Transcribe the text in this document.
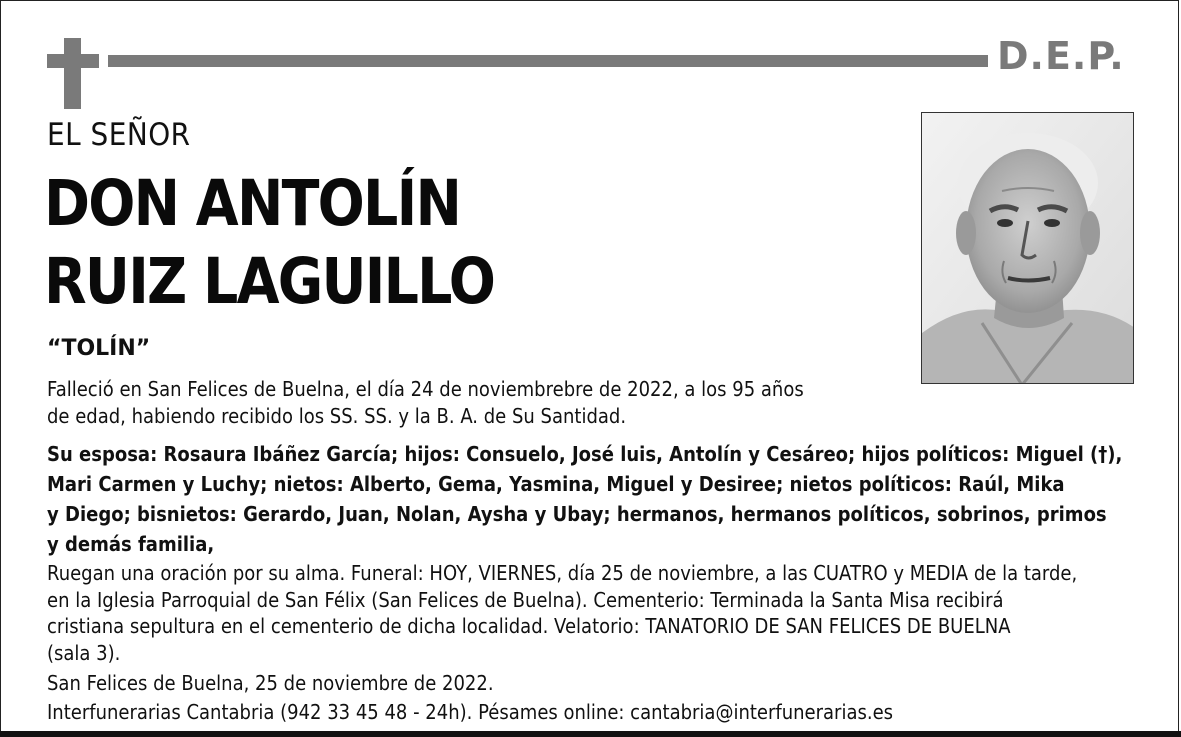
D.E.P.
EL SEÑOR
DON ANTOLÍN
RUIZ LAGUILLO
“TOLÍN”
Falleció en San Felices de Buelna, el día 24 de noviembrebre de 2022, a los 95 años
de edad, habiendo recibido los SS. SS. y la B. A. de Su Santidad.
Su esposa: Rosaura Ibáñez García; hijos: Consuelo, José luis, Antolín y Cesáreo; hijos políticos: Miguel (†),
Mari Carmen y Luchy; nietos: Alberto, Gema, Yasmina, Miguel y Desiree; nietos políticos: Raúl, Mika
y Diego; bisnietos: Gerardo, Juan, Nolan, Aysha y Ubay; hermanos, hermanos políticos, sobrinos, primos
y demás familia,
Ruegan una oración por su alma. Funeral: HOY, VIERNES, día 25 de noviembre, a las CUATRO y MEDIA de la tarde,
en la Iglesia Parroquial de San Félix (San Felices de Buelna). Cementerio: Terminada la Santa Misa recibirá
cristiana sepultura en el cementerio de dicha localidad. Velatorio: TANATORIO DE SAN FELICES DE BUELNA
(sala 3).
San Felices de Buelna, 25 de noviembre de 2022.
Interfunerarias Cantabria (942 33 45 48 - 24h). Pésames online: cantabria@interfunerarias.es
